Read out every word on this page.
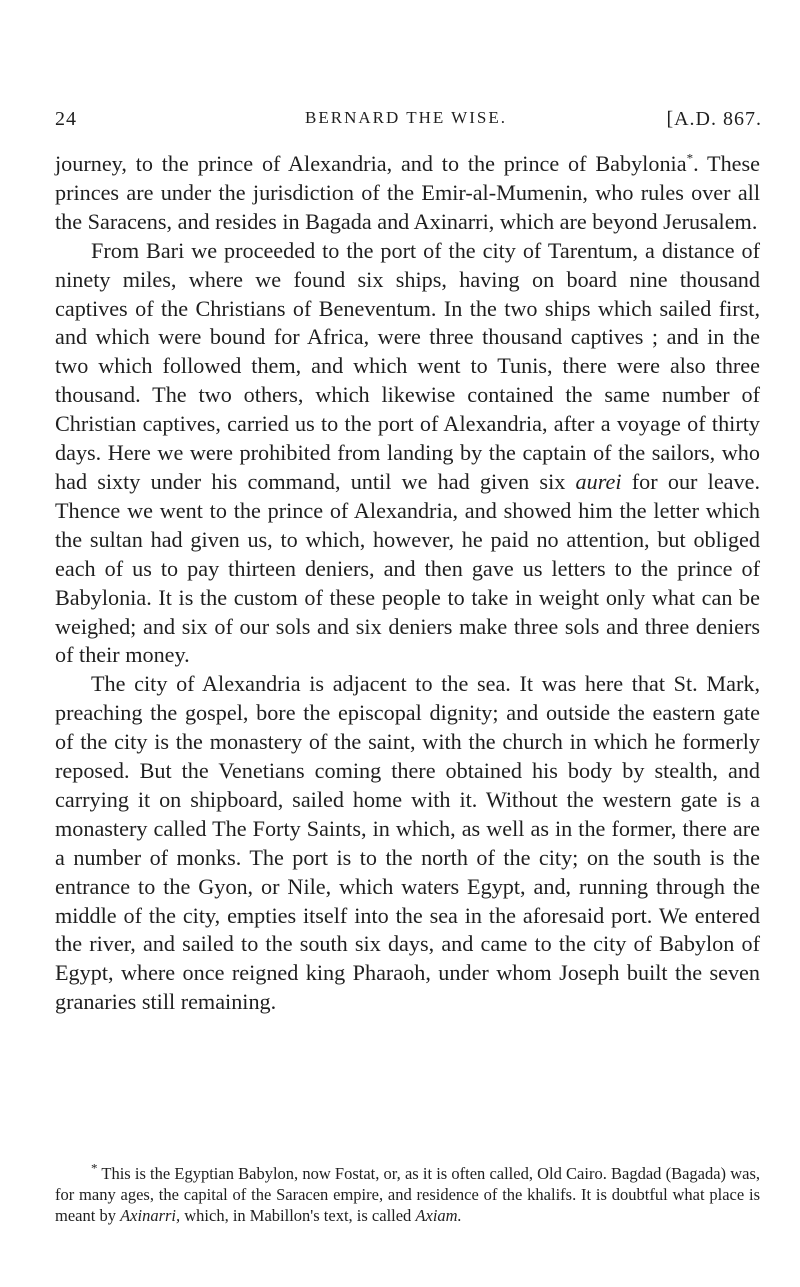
24	BERNARD THE WISE.	[A.D. 867.

journey, to the prince of Alexandria, and to the prince of Babylonia*. These princes are under the jurisdiction of the Emir-al-Mumenin, who rules over all the Saracens, and resides in Bagada and Axinarri, which are beyond Jerusalem.

From Bari we proceeded to the port of the city of Tarentum, a distance of ninety miles, where we found six ships, having on board nine thousand captives of the Christians of Beneventum. In the two ships which sailed first, and which were bound for Africa, were three thousand captives ; and in the two which followed them, and which went to Tunis, there were also three thousand. The two others, which likewise contained the same number of Christian captives, carried us to the port of Alexandria, after a voyage of thirty days. Here we were prohibited from landing by the captain of the sailors, who had sixty under his command, until we had given six aurei for our leave. Thence we went to the prince of Alexandria, and showed him the letter which the sultan had given us, to which, however, he paid no attention, but obliged each of us to pay thirteen deniers, and then gave us letters to the prince of Babylonia. It is the custom of these people to take in weight only what can be weighed; and six of our sols and six deniers make three sols and three deniers of their money.

The city of Alexandria is adjacent to the sea. It was here that St. Mark, preaching the gospel, bore the episcopal dignity; and outside the eastern gate of the city is the monastery of the saint, with the church in which he formerly reposed. But the Venetians coming there obtained his body by stealth, and carrying it on shipboard, sailed home with it. Without the western gate is a monastery called The Forty Saints, in which, as well as in the former, there are a number of monks. The port is to the north of the city; on the south is the entrance to the Gyon, or Nile, which waters Egypt, and, running through the middle of the city, empties itself into the sea in the aforesaid port. We entered the river, and sailed to the south six days, and came to the city of Babylon of Egypt, where once reigned king Pharaoh, under whom Joseph built the seven granaries still remaining.

* This is the Egyptian Babylon, now Fostat, or, as it is often called, Old Cairo. Bagdad (Bagada) was, for many ages, the capital of the Saracen empire, and residence of the khalifs. It is doubtful what place is meant by Axinarri, which, in Mabillon's text, is called Axiam.
